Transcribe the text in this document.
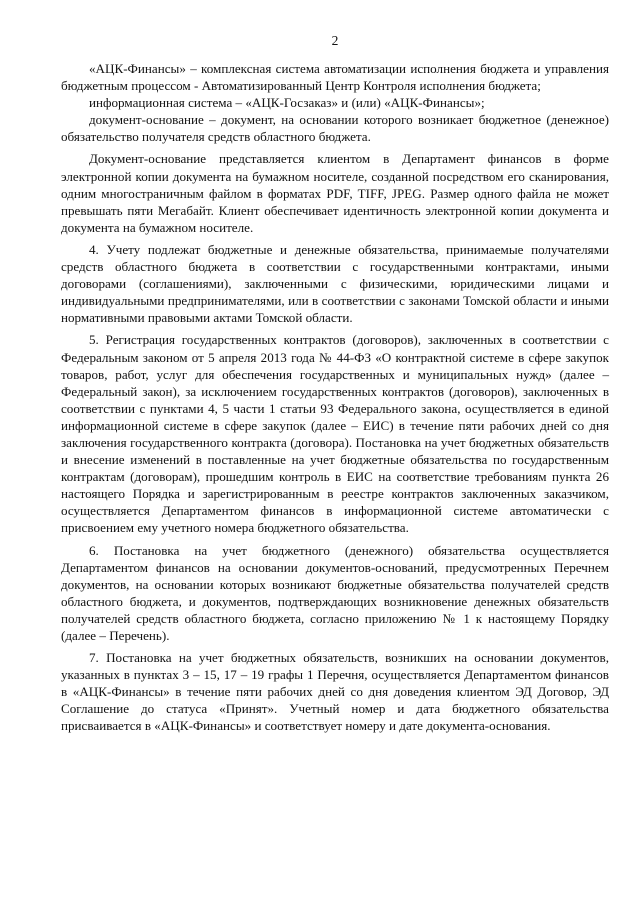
2

«АЦК-Финансы» – комплексная система автоматизации исполнения бюджета и управления бюджетным процессом - Автоматизированный Центр Контроля исполнения бюджета;

информационная система – «АЦК-Госзаказ» и (или) «АЦК-Финансы»;

документ-основание – документ, на основании которого возникает бюджетное (денежное) обязательство получателя средств областного бюджета.

Документ-основание представляется клиентом в Департамент финансов в форме электронной копии документа на бумажном носителе, созданной посредством его сканирования, одним многостраничным файлом в форматах PDF, TIFF, JPEG. Размер одного файла не может превышать пяти Мегабайт. Клиент обеспечивает идентичность электронной копии документа и документа на бумажном носителе.

4. Учету подлежат бюджетные и денежные обязательства, принимаемые получателями средств областного бюджета в соответствии с государственными контрактами, иными договорами (соглашениями), заключенными с физическими, юридическими лицами и индивидуальными предпринимателями, или в соответствии с законами Томской области и иными нормативными правовыми актами Томской области.

5. Регистрация государственных контрактов (договоров), заключенных в соответствии с Федеральным законом от 5 апреля 2013 года № 44-ФЗ «О контрактной системе в сфере закупок товаров, работ, услуг для обеспечения государственных и муниципальных нужд» (далее – Федеральный закон), за исключением государственных контрактов (договоров), заключенных в соответствии с пунктами 4, 5 части 1 статьи 93 Федерального закона, осуществляется в единой информационной системе в сфере закупок (далее – ЕИС) в течение пяти рабочих дней со дня заключения государственного контракта (договора). Постановка на учет бюджетных обязательств и внесение изменений в поставленные на учет бюджетные обязательства по государственным контрактам (договорам), прошедшим контроль в ЕИС на соответствие требованиям пункта 26 настоящего Порядка и зарегистрированным в реестре контрактов заключенных заказчиком, осуществляется Департаментом финансов в информационной системе автоматически с присвоением ему учетного номера бюджетного обязательства.

6. Постановка на учет бюджетного (денежного) обязательства осуществляется Департаментом финансов на основании документов-оснований, предусмотренных Перечнем документов, на основании которых возникают бюджетные обязательства получателей средств областного бюджета, и документов, подтверждающих возникновение денежных обязательств получателей средств областного бюджета, согласно приложению № 1 к настоящему Порядку (далее – Перечень).

7. Постановка на учет бюджетных обязательств, возникших на основании документов, указанных в пунктах 3 – 15, 17 – 19 графы 1 Перечня, осуществляется Департаментом финансов в «АЦК-Финансы» в течение пяти рабочих дней со дня доведения клиентом ЭД Договор, ЭД Соглашение до статуса «Принят». Учетный номер и дата бюджетного обязательства присваивается в «АЦК-Финансы» и соответствует номеру и дате документа-основания.
